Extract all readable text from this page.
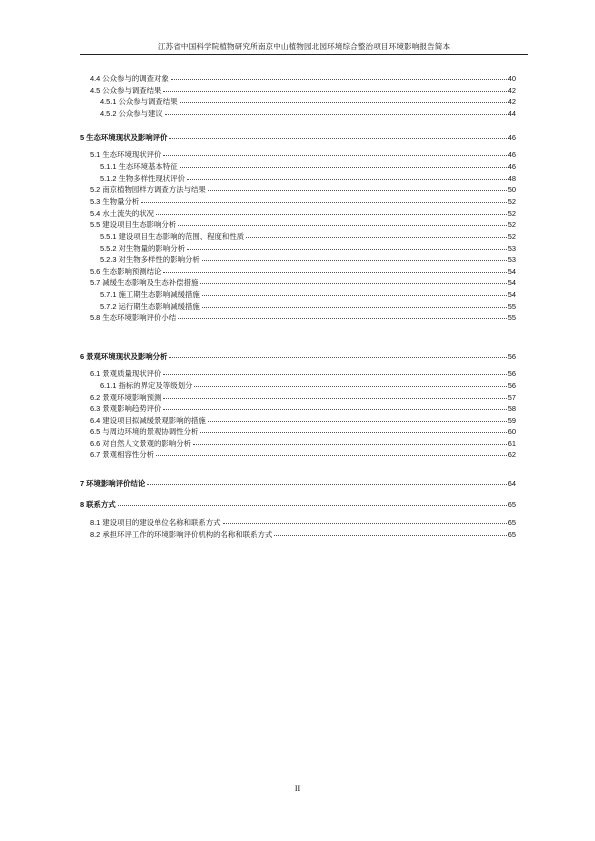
江苏省中国科学院植物研究所南京中山植物园北园环境综合整治项目环境影响报告简本
4.4 公众参与的调查对象	40
4.5 公众参与调查结果	42
4.5.1 公众参与调查结果	42
4.5.2 公众参与建议	44
5 生态环境现状及影响评价	46
5.1 生态环境现状评价	46
5.1.1 生态环境基本特征	46
5.1.2 生物多样性现状评价	48
5.2 南京植物园样方调查方法与结果	50
5.3 生物量分析	52
5.4 水土流失的状况	52
5.5 建设项目生态影响分析	52
5.5.1 建设项目生态影响的范围、程度和性质	52
5.5.2 对生物量的影响分析	53
5.2.3 对生物多样性的影响分析	53
5.6 生态影响预测结论	54
5.7 减缓生态影响及生态补偿措施	54
5.7.1 施工期生态影响减缓措施	54
5.7.2 运行期生态影响减缓措施	55
5.8 生态环境影响评价小结	55
6 景观环境现状及影响分析	56
6.1 景观质量现状评价	56
6.1.1 指标的界定及等级划分	56
6.2 景观环境影响预测	57
6.3 景观影响趋势评价	58
6.4 建设项目拟减缓景观影响的措施	59
6.5 与周边环境的景观协调性分析	60
6.6 对自然人文景观的影响分析	61
6.7 景观相容性分析	62
7 环境影响评价结论	64
8 联系方式	65
8.1 建设项目的建设单位名称和联系方式	65
8.2 承担环评工作的环境影响评价机构的名称和联系方式	65
II
